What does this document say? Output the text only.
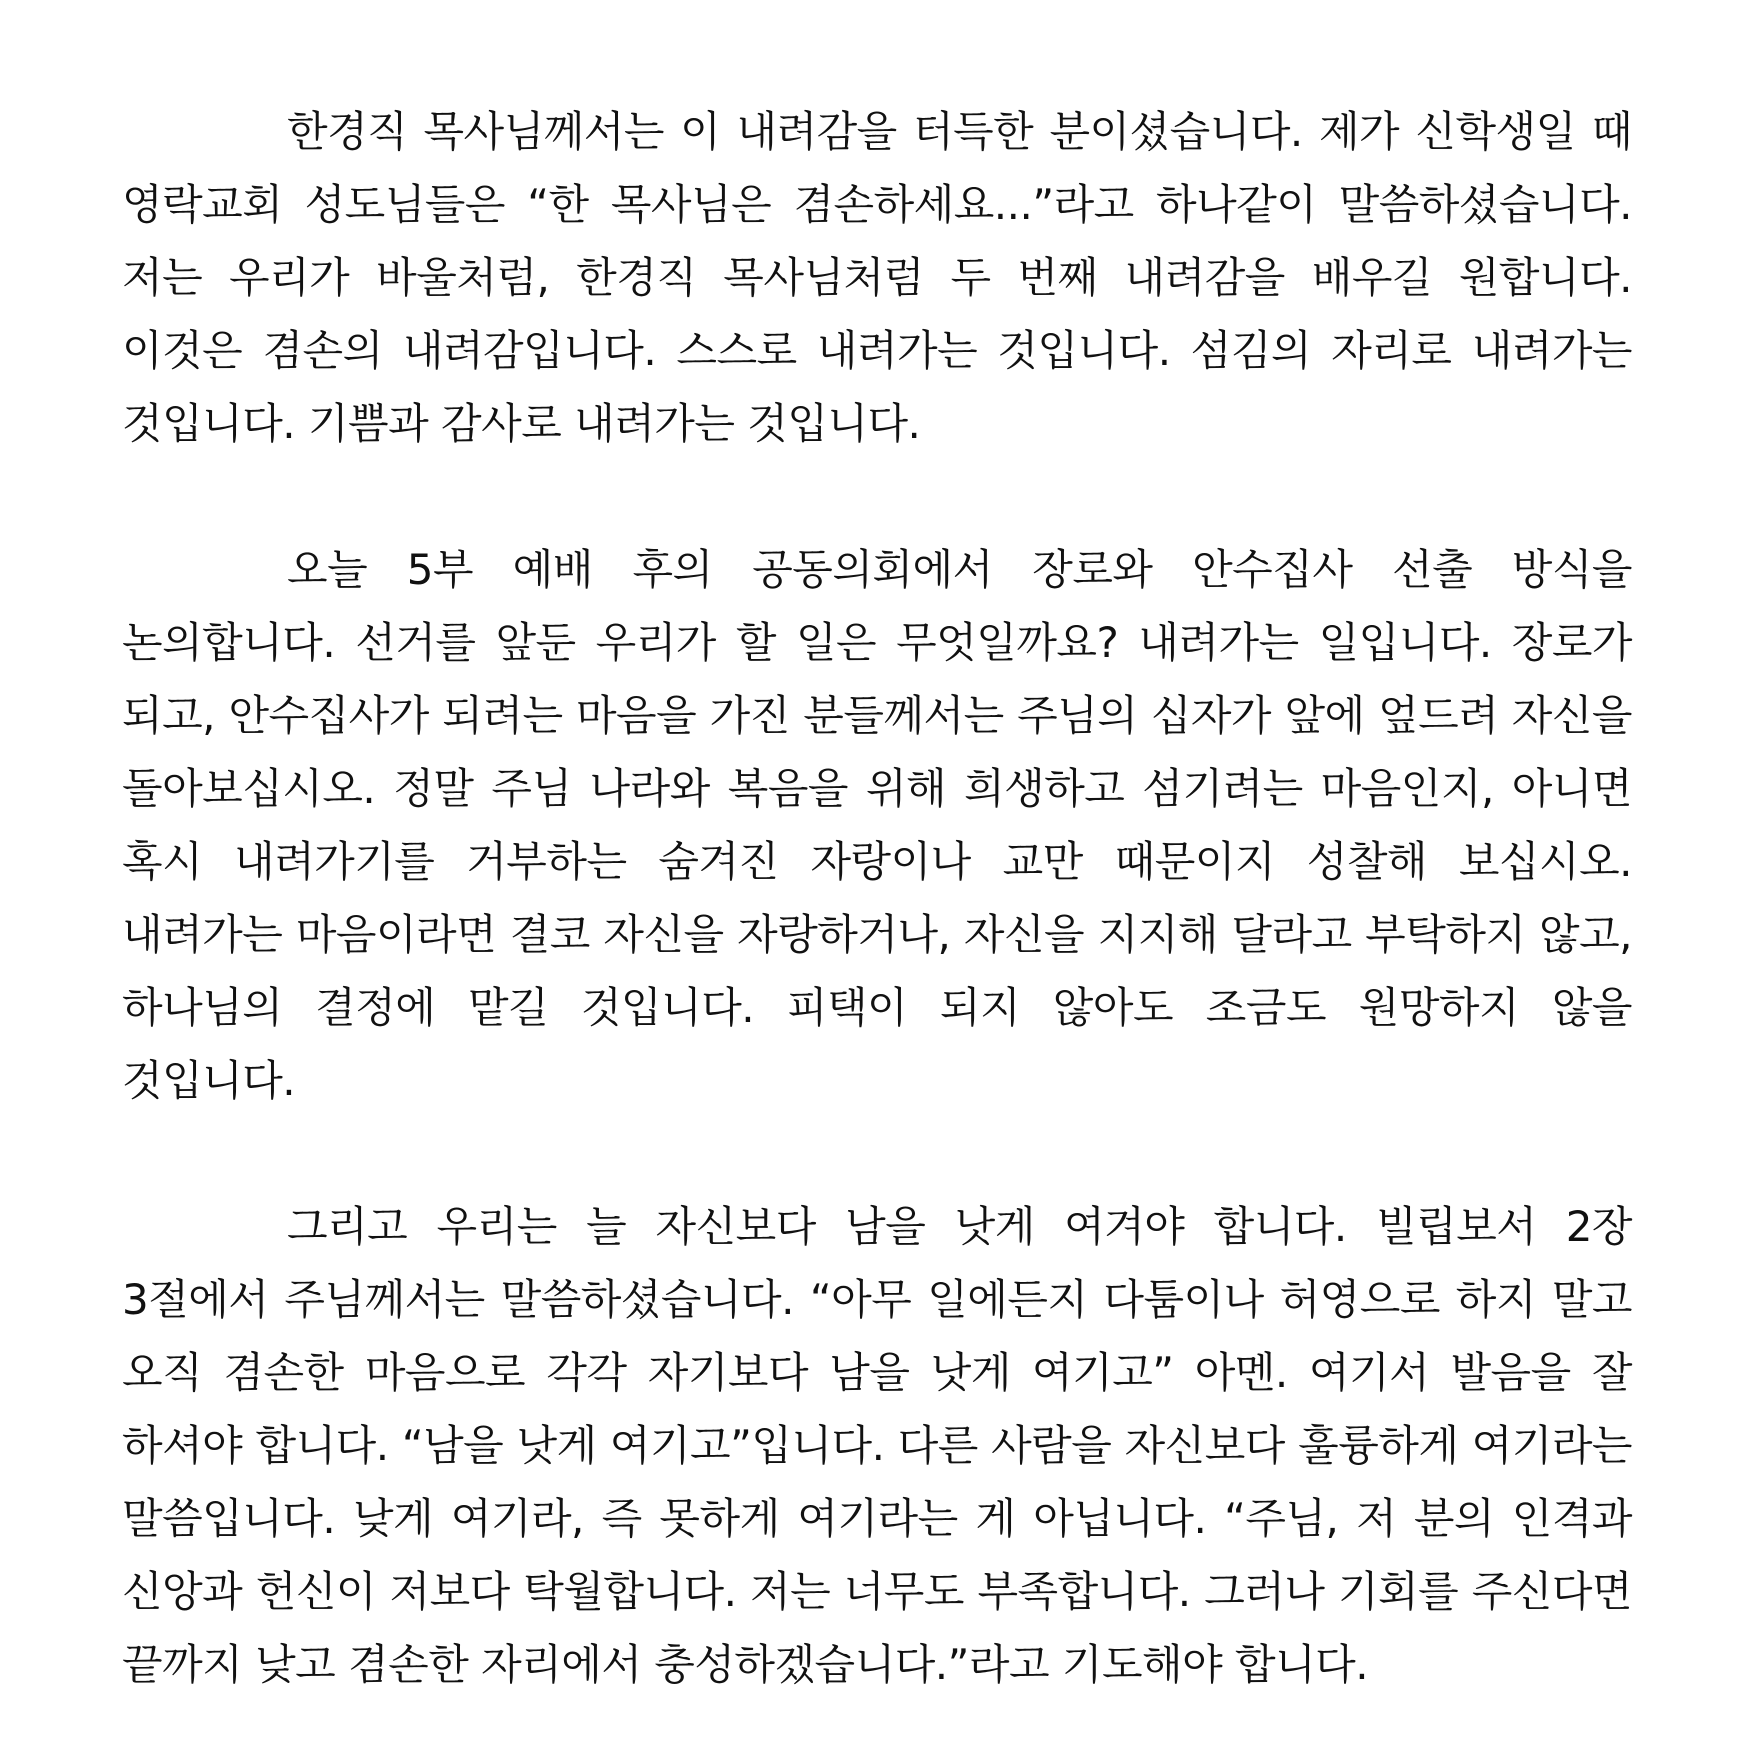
한경직 목사님께서는 이 내려감을 터득한 분이셨습니다. 제가 신학생일 때 영락교회 성도님들은 “한 목사님은 겸손하세요...”라고 하나같이 말씀하셨습니다. 저는 우리가 바울처럼, 한경직 목사님처럼 두 번째 내려감을 배우길 원합니다. 이것은 겸손의 내려감입니다. 스스로 내려가는 것입니다. 섬김의 자리로 내려가는 것입니다. 기쁨과 감사로 내려가는 것입니다.

오늘 5부 예배 후의 공동의회에서 장로와 안수집사 선출 방식을 논의합니다. 선거를 앞둔 우리가 할 일은 무엇일까요? 내려가는 일입니다. 장로가 되고, 안수집사가 되려는 마음을 가진 분들께서는 주님의 십자가 앞에 엎드려 자신을 돌아보십시오. 정말 주님 나라와 복음을 위해 희생하고 섬기려는 마음인지, 아니면 혹시 내려가기를 거부하는 숨겨진 자랑이나 교만 때문이지 성찰해 보십시오. 내려가는 마음이라면 결코 자신을 자랑하거나, 자신을 지지해 달라고 부탁하지 않고, 하나님의 결정에 맡길 것입니다. 피택이 되지 않아도 조금도 원망하지 않을 것입니다.

그리고 우리는 늘 자신보다 남을 낫게 여겨야 합니다. 빌립보서 2장 3절에서 주님께서는 말씀하셨습니다. “아무 일에든지 다툼이나 허영으로 하지 말고 오직 겸손한 마음으로 각각 자기보다 남을 낫게 여기고” 아멘. 여기서 발음을 잘 하셔야 합니다. “남을 낫게 여기고”입니다. 다른 사람을 자신보다 훌륭하게 여기라는 말씀입니다. 낮게 여기라, 즉 못하게 여기라는 게 아닙니다. “주님, 저 분의 인격과 신앙과 헌신이 저보다 탁월합니다. 저는 너무도 부족합니다. 그러나 기회를 주신다면 끝까지 낮고 겸손한 자리에서 충성하겠습니다.”라고 기도해야 합니다.
